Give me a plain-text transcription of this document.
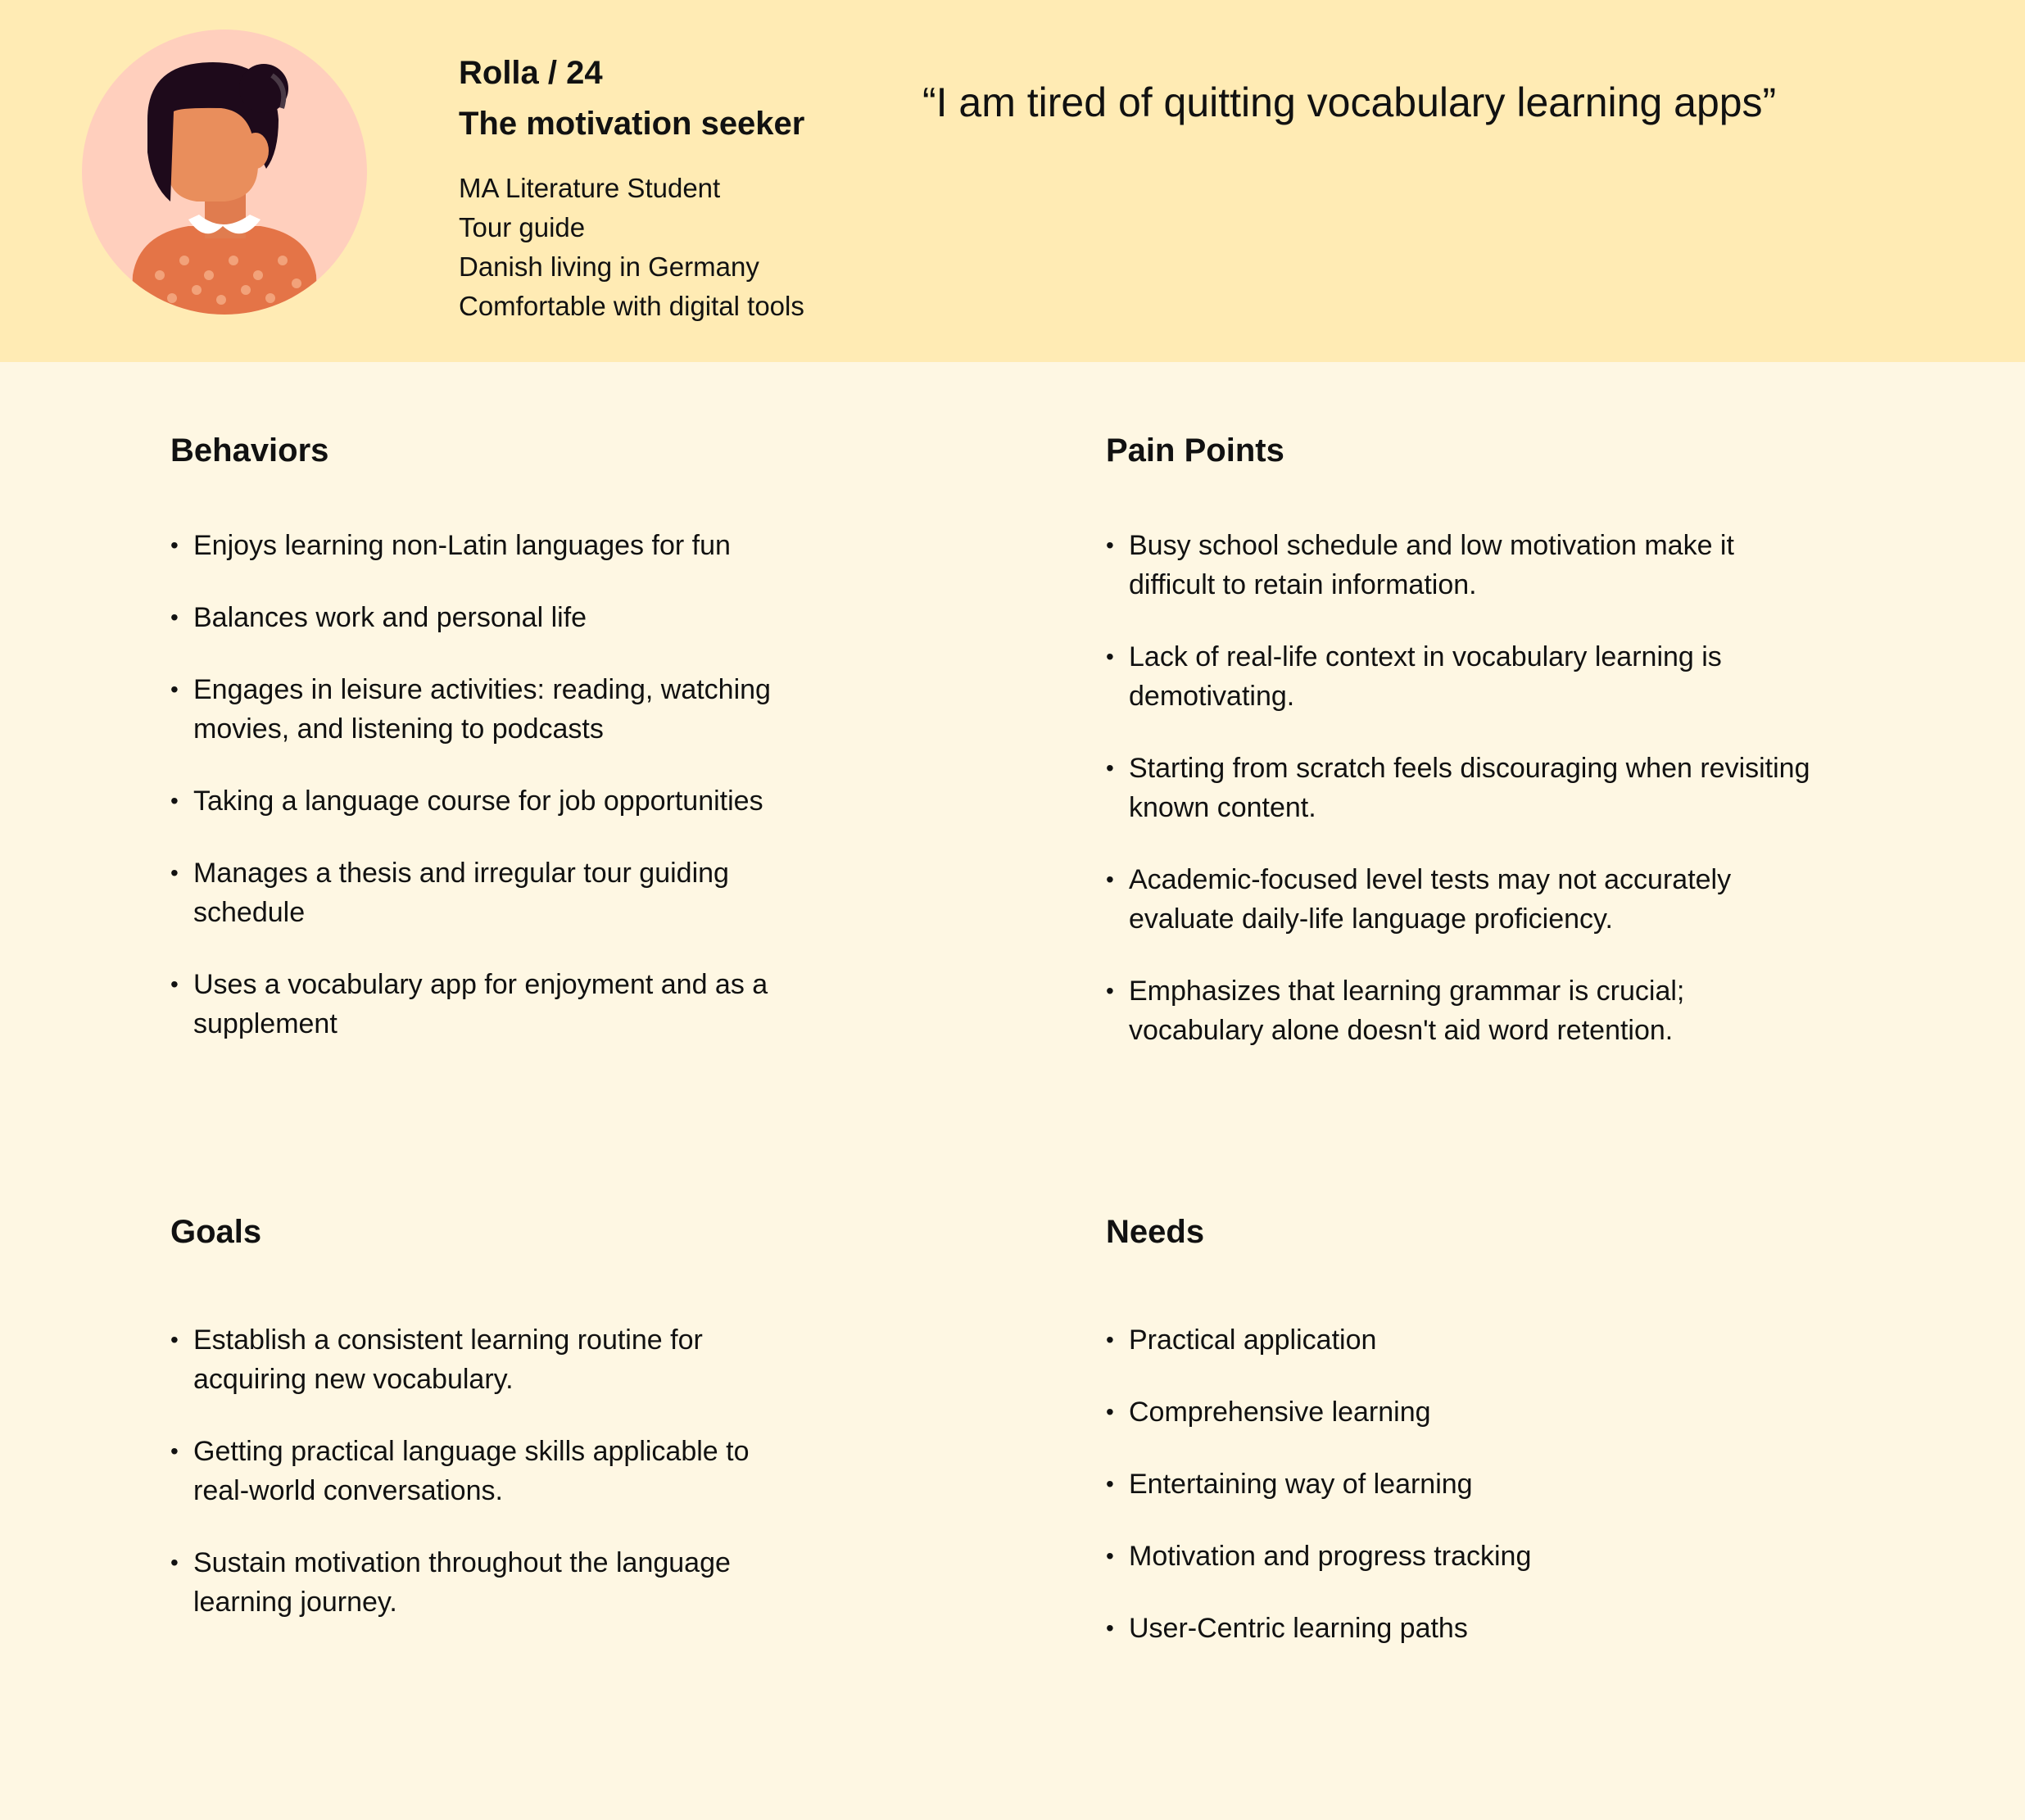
Rolla / 24

The motivation seeker

MA Literature Student
Tour guide
Danish living in Germany
Comfortable with digital tools
“I am tired of quitting vocabulary learning apps”
Behaviors
• Enjoys learning non-Latin languages for fun
• Balances work and personal life
• Engages in leisure activities: reading, watching movies, and listening to podcasts
• Taking a language course for job opportunities
• Manages a thesis and irregular tour guiding schedule
• Uses a vocabulary app for enjoyment and as a supplement
Pain Points
• Busy school schedule and low motivation make it difficult to retain information.
• Lack of real-life context in vocabulary learning is demotivating.
• Starting from scratch feels discouraging when revisiting known content.
• Academic-focused level tests may not accurately evaluate daily-life language proficiency.
• Emphasizes that learning grammar is crucial; vocabulary alone doesn't aid word retention.
Goals
• Establish a consistent learning routine for acquiring new vocabulary.
• Getting practical language skills applicable to real-world conversations.
• Sustain motivation throughout the language learning journey.
Needs
• Practical application
• Comprehensive learning
• Entertaining way of learning
• Motivation and progress tracking
• User-Centric learning paths
